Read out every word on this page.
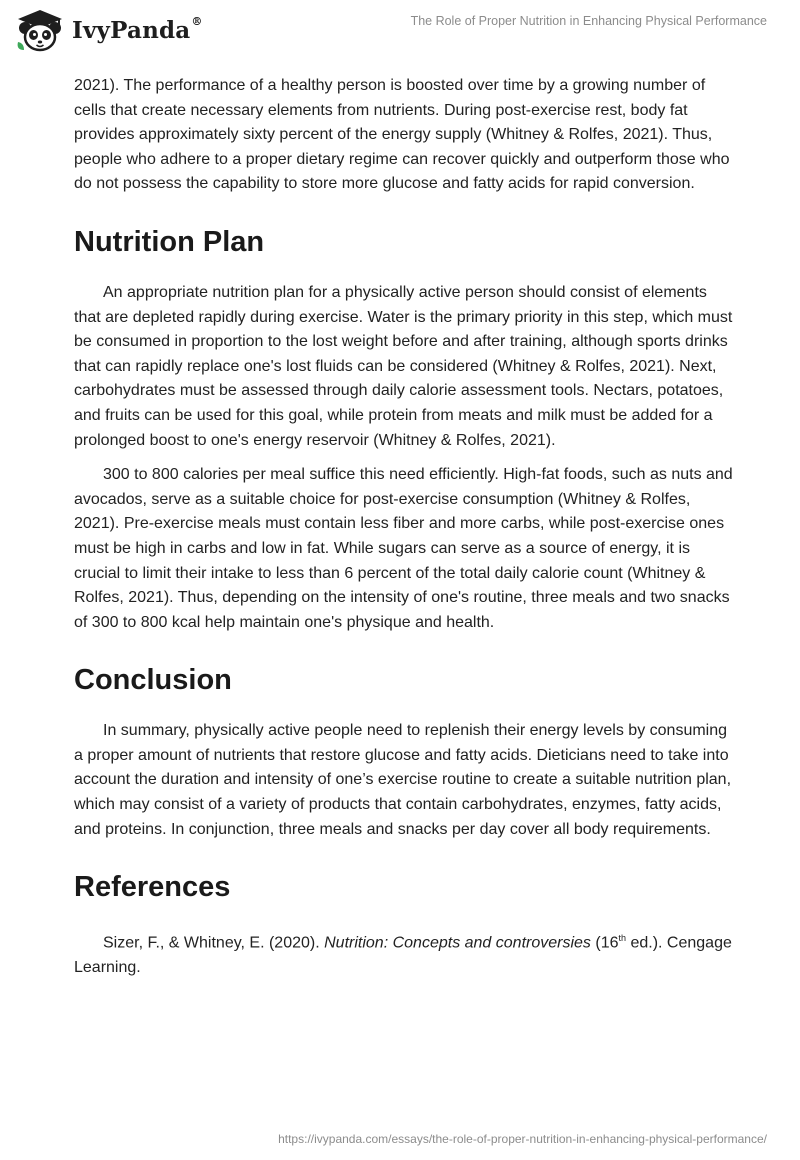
IvyPanda®	The Role of Proper Nutrition in Enhancing Physical Performance

2021). The performance of a healthy person is boosted over time by a growing number of cells that create necessary elements from nutrients. During post-exercise rest, body fat provides approximately sixty percent of the energy supply (Whitney & Rolfes, 2021). Thus, people who adhere to a proper dietary regime can recover quickly and outperform those who do not possess the capability to store more glucose and fatty acids for rapid conversion.

Nutrition Plan

An appropriate nutrition plan for a physically active person should consist of elements that are depleted rapidly during exercise. Water is the primary priority in this step, which must be consumed in proportion to the lost weight before and after training, although sports drinks that can rapidly replace one's lost fluids can be considered (Whitney & Rolfes, 2021). Next, carbohydrates must be assessed through daily calorie assessment tools. Nectars, potatoes, and fruits can be used for this goal, while protein from meats and milk must be added for a prolonged boost to one's energy reservoir (Whitney & Rolfes, 2021).

300 to 800 calories per meal suffice this need efficiently. High-fat foods, such as nuts and avocados, serve as a suitable choice for post-exercise consumption (Whitney & Rolfes, 2021). Pre-exercise meals must contain less fiber and more carbs, while post-exercise ones must be high in carbs and low in fat. While sugars can serve as a source of energy, it is crucial to limit their intake to less than 6 percent of the total daily calorie count (Whitney & Rolfes, 2021). Thus, depending on the intensity of one's routine, three meals and two snacks of 300 to 800 kcal help maintain one's physique and health.

Conclusion

In summary, physically active people need to replenish their energy levels by consuming a proper amount of nutrients that restore glucose and fatty acids. Dieticians need to take into account the duration and intensity of one’s exercise routine to create a suitable nutrition plan, which may consist of a variety of products that contain carbohydrates, enzymes, fatty acids, and proteins. In conjunction, three meals and snacks per day cover all body requirements.

References

Sizer, F., & Whitney, E. (2020). Nutrition: Concepts and controversies (16th ed.). Cengage Learning.

https://ivypanda.com/essays/the-role-of-proper-nutrition-in-enhancing-physical-performance/
